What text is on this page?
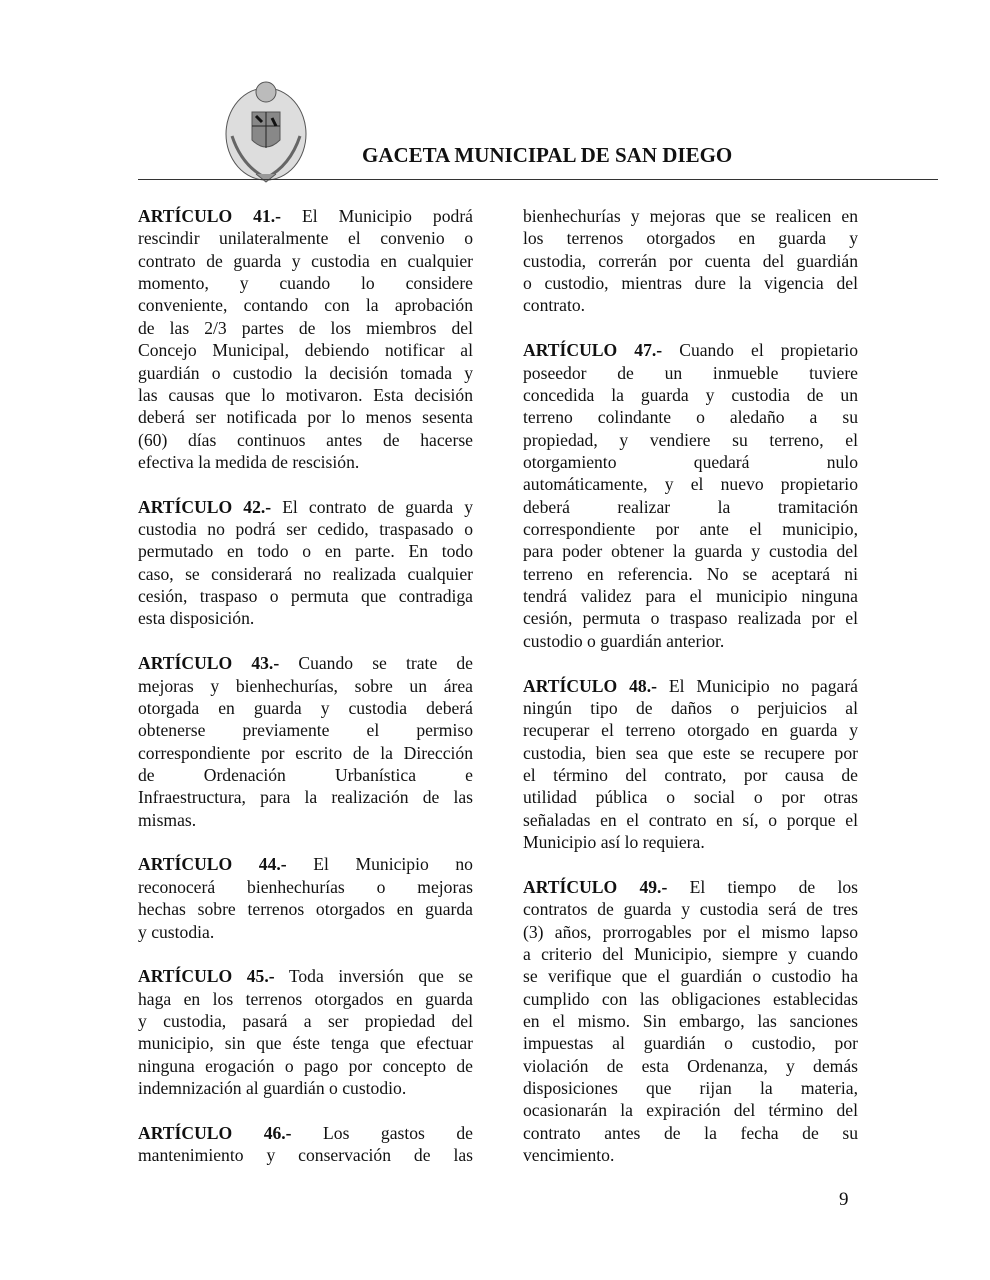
GACETA MUNICIPAL DE SAN DIEGO
ARTÍCULO 41.- El Municipio podrá
rescindir unilateralmente el convenio o
contrato de guarda y custodia en cualquier
momento, y cuando lo considere
conveniente, contando con la aprobación
de las 2/3 partes de los miembros del
Concejo Municipal, debiendo notificar al
guardián o custodio la decisión tomada y
las causas que lo motivaron. Esta decisión
deberá ser notificada por lo menos sesenta
(60) días continuos antes de hacerse
efectiva la medida de rescisión.
ARTÍCULO 42.- El contrato de guarda y
custodia no podrá ser cedido, traspasado o
permutado en todo o en parte. En todo
caso, se considerará no realizada cualquier
cesión, traspaso o permuta que contradiga
esta disposición.
ARTÍCULO 43.- Cuando se trate de
mejoras y bienhechurías, sobre un área
otorgada en guarda y custodia deberá
obtenerse previamente el permiso
correspondiente por escrito de la Dirección
de Ordenación Urbanística e
Infraestructura, para la realización de las
mismas.
ARTÍCULO 44.- El Municipio no
reconocerá bienhechurías o mejoras
hechas sobre terrenos otorgados en guarda
y custodia.
ARTÍCULO 45.- Toda inversión que se
haga en los terrenos otorgados en guarda
y custodia, pasará a ser propiedad del
municipio, sin que éste tenga que efectuar
ninguna erogación o pago por concepto de
indemnización al guardián o custodio.
ARTÍCULO 46.- Los gastos de
mantenimiento y conservación de las
bienhechurías y mejoras que se realicen en
los terrenos otorgados en guarda y
custodia, correrán por cuenta del guardián
o custodio, mientras dure la vigencia del
contrato.
ARTÍCULO 47.- Cuando el propietario
poseedor de un inmueble tuviere
concedida la guarda y custodia de un
terreno colindante o aledaño a su
propiedad, y vendiere su terreno, el
otorgamiento quedará nulo
automáticamente, y el nuevo propietario
deberá realizar la tramitación
correspondiente por ante el municipio,
para poder obtener la guarda y custodia del
terreno en referencia. No se aceptará ni
tendrá validez para el municipio ninguna
cesión, permuta o traspaso realizada por el
custodio o guardián anterior.
ARTÍCULO 48.- El Municipio no pagará
ningún tipo de daños o perjuicios al
recuperar el terreno otorgado en guarda y
custodia, bien sea que este se recupere por
el término del contrato, por causa de
utilidad pública o social o por otras
señaladas en el contrato en sí, o porque el
Municipio así lo requiera.
ARTÍCULO 49.- El tiempo de los
contratos de guarda y custodia será de tres
(3) años, prorrogables por el mismo lapso
a criterio del Municipio, siempre y cuando
se verifique que el guardián o custodio ha
cumplido con las obligaciones establecidas
en el mismo. Sin embargo, las sanciones
impuestas al guardián o custodio, por
violación de esta Ordenanza, y demás
disposiciones que rijan la materia,
ocasionarán la expiración del término del
contrato antes de la fecha de su
vencimiento.
9
